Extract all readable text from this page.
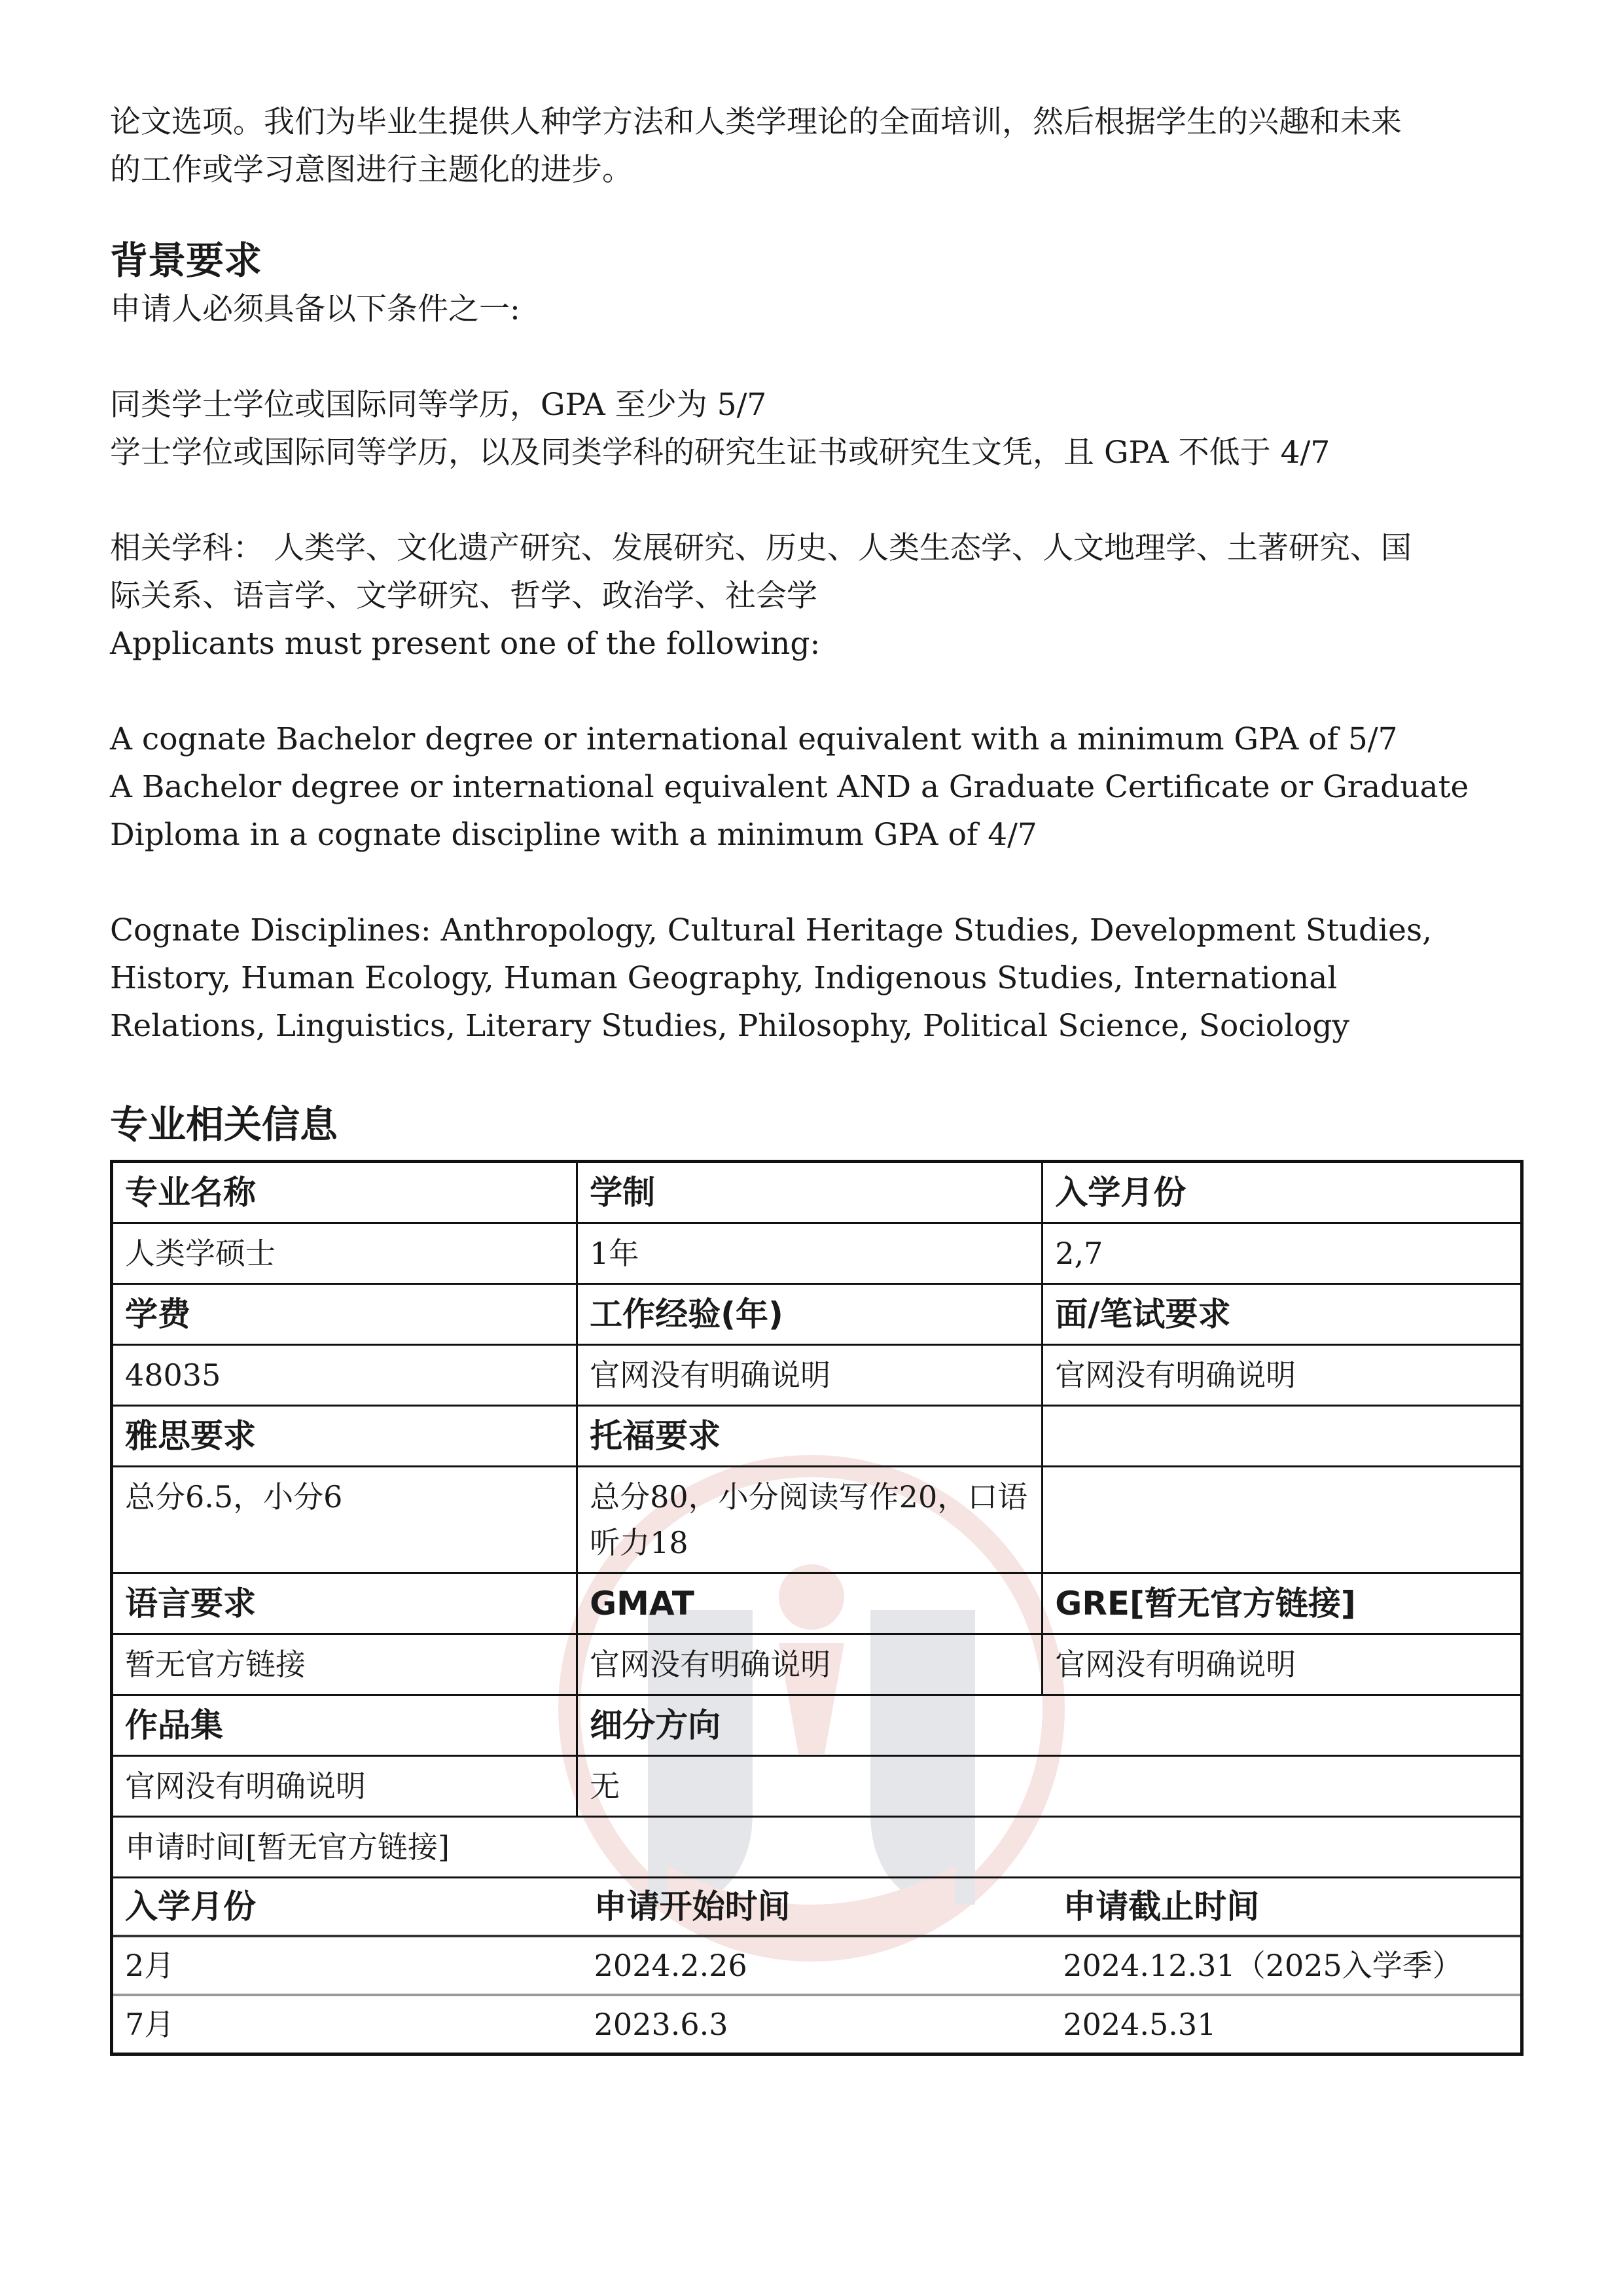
论文选项。我们为毕业生提供人种学方法和人类学理论的全面培训，然后根据学生的兴趣和未来
的工作或学习意图进行主题化的进步。

背景要求

申请人必须具备以下条件之一:
同类学士学位或国际同等学历，GPA 至少为 5/7
学士学位或国际同等学历，以及同类学科的研究生证书或研究生文凭，且 GPA 不低于 4/7
相关学科： 人类学、文化遗产研究、发展研究、历史、人类生态学、人文地理学、土著研究、国
际关系、语言学、文学研究、哲学、政治学、社会学

Applicants must present one of the following:
A cognate Bachelor degree or international equivalent with a minimum GPA of 5/7
A Bachelor degree or international equivalent AND a Graduate Certificate or Graduate
Diploma in a cognate discipline with a minimum GPA of 4/7
Cognate Disciplines: Anthropology, Cultural Heritage Studies, Development Studies,
History, Human Ecology, Human Geography, Indigenous Studies, International
Relations, Linguistics, Literary Studies, Philosophy, Political Science, Sociology

专业相关信息
专业名称	学制	入学月份
人类学硕士	1年	2,7
学费	工作经验(年)	面/笔试要求
48035	官网没有明确说明	官网没有明确说明
雅思要求	托福要求	
总分6.5，小分6	总分80，小分阅读写作20，口语听力18	
语言要求	GMAT	GRE[暂无官方链接]
暂无官方链接	官网没有明确说明	官网没有明确说明
作品集	细分方向
官网没有明确说明	无
申请时间[暂无官方链接]

入学月份	申请开始时间	申请截止时间
2月	2024.2.26	2024.12.31（2025入学季）
7月	2023.6.3	2024.5.31
